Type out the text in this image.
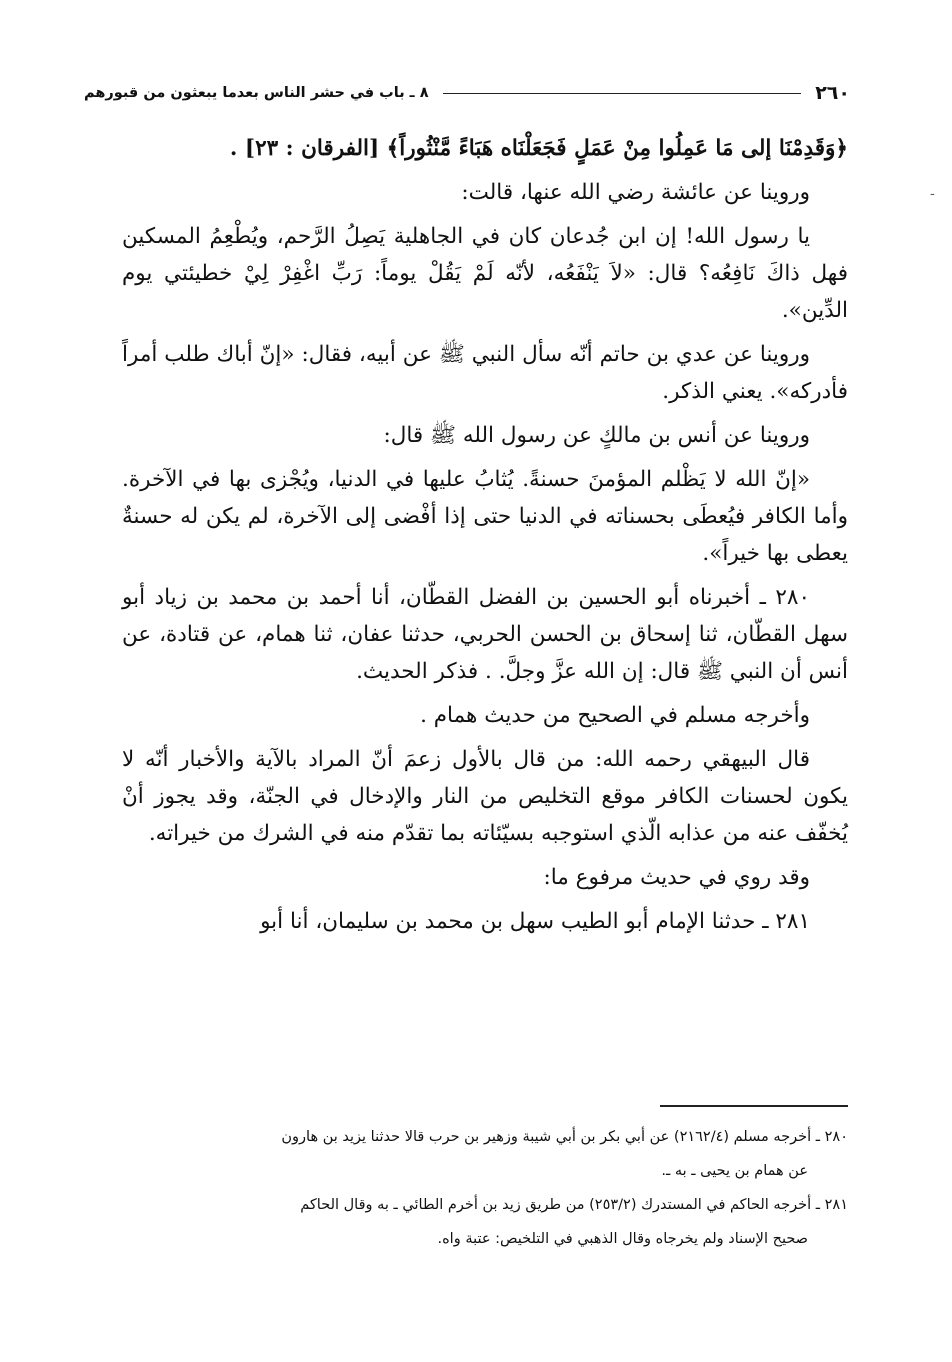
٢٦٠
٨ ـ باب في حشر الناس بعدما يبعثون من قبورهم
-

﴿وَقَدِمْنَا إلى مَا عَمِلُوا مِنْ عَمَلٍ فَجَعَلْنَاه هَبَاءً مَّنْثُوراً﴾ [الفرقان : ٢٣] .

وروينا عن عائشة رضي الله عنها، قالت:

يا رسول الله! إن ابن جُدعان كان في الجاهلية يَصِلُ الرَّحم، ويُطْعِمُ المسكين فهل ذاكَ نَافِعُه؟ قال: «لاَ يَنْفَعُه، لأنّه لَمْ يَقُلْ يوماً: رَبِّ اغْفِرْ لِيْ خطيئتي يوم الدِّين».

وروينا عن عدي بن حاتم أنّه سأل النبي ﷺ عن أبيه، فقال: «إنّ أباك طلب أمراً فأدركه». يعني الذكر.

وروينا عن أنس بن مالكٍ عن رسول الله ﷺ قال:

«إنّ الله لا يَظْلم المؤمنَ حسنةً. يُثابُ عليها في الدنيا، ويُجْزى بها في الآخرة. وأما الكافر فيُعطَى بحسناته في الدنيا حتى إذا أفْضى إلى الآخرة، لم يكن له حسنةٌ يعطى بها خيراً».

٢٨٠ ـ أخبرناه أبو الحسين بن الفضل القطّان، أنا أحمد بن محمد بن زياد أبو سهل القطّان، ثنا إسحاق بن الحسن الحربي، حدثنا عفان، ثنا همام، عن قتادة، عن أنس أن النبي ﷺ قال: إن الله عزَّ وجلَّ. . فذكر الحديث.

وأخرجه مسلم في الصحيح من حديث همام .

قال البيهقي رحمه الله: من قال بالأول زعمَ أنّ المراد بالآية والأخبار أنّه لا يكون لحسنات الكافر موقع التخليص من النار والإدخال في الجنّة، وقد يجوز أنْ يُخفّف عنه من عذابه الّذي استوجبه بسيّئاته بما تقدّم منه في الشرك من خيراته.

وقد روي في حديث مرفوع ما:

٢٨١ ـ حدثنا الإمام أبو الطيب سهل بن محمد بن سليمان، أنا أبو

٢٨٠ ـ أخرجه مسلم (٢١٦٢/٤) عن أبي بكر بن أبي شيبة وزهير بن حرب قالا حدثنا يزيد بن هارون

عن همام بن يحيى ـ به ـ.

٢٨١ ـ أخرجه الحاكم في المستدرك (٢٥٣/٢) من طريق زيد بن أخرم الطائي ـ به وقال الحاكم

صحيح الإسناد ولم يخرجاه وقال الذهبي في التلخيص: عتبة واه.
